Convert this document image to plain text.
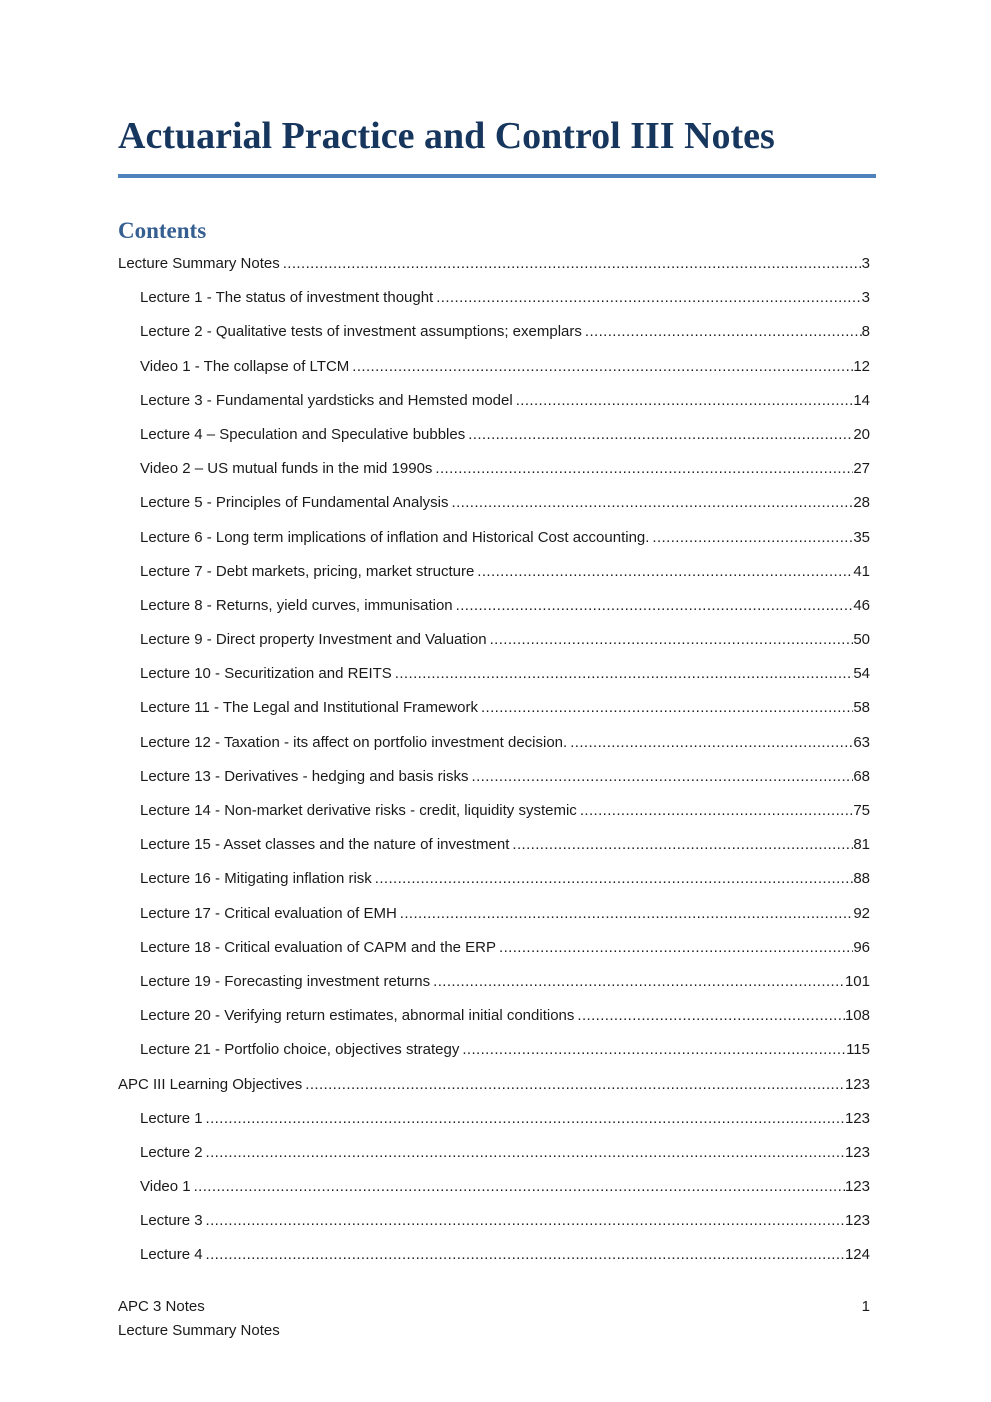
Actuarial Practice and Control III Notes
Contents
Lecture Summary Notes .....	3
Lecture 1 - The status of investment thought .....	3
Lecture 2 - Qualitative tests of investment assumptions; exemplars .....	8
Video 1 - The collapse of LTCM .....	12
Lecture 3 - Fundamental yardsticks and Hemsted model .....	14
Lecture 4 – Speculation and Speculative bubbles .....	20
Video 2 – US mutual funds in the mid 1990s .....	27
Lecture 5 - Principles of Fundamental Analysis .....	28
Lecture 6 - Long term implications of inflation and Historical Cost accounting. .....	35
Lecture 7 - Debt markets, pricing, market structure .....	41
Lecture 8 - Returns, yield curves, immunisation .....	46
Lecture 9 - Direct property Investment and Valuation .....	50
Lecture 10 - Securitization and REITS .....	54
Lecture 11 - The Legal and Institutional Framework .....	58
Lecture 12 - Taxation - its affect on portfolio investment decision. .....	63
Lecture 13 - Derivatives - hedging and basis risks .....	68
Lecture 14 - Non-market derivative risks - credit, liquidity systemic .....	75
Lecture 15 - Asset classes and the nature of investment .....	81
Lecture 16 - Mitigating inflation risk .....	88
Lecture 17 - Critical evaluation of EMH .....	92
Lecture 18 - Critical evaluation of CAPM and the ERP .....	96
Lecture 19 - Forecasting investment returns .....	101
Lecture 20 - Verifying return estimates, abnormal initial conditions .....	108
Lecture 21 - Portfolio choice, objectives strategy .....	115
APC III Learning Objectives .....	123
Lecture 1 .....	123
Lecture 2 .....	123
Video 1 .....	123
Lecture 3 .....	123
Lecture 4 .....	124
APC 3 Notes	1
Lecture Summary Notes
